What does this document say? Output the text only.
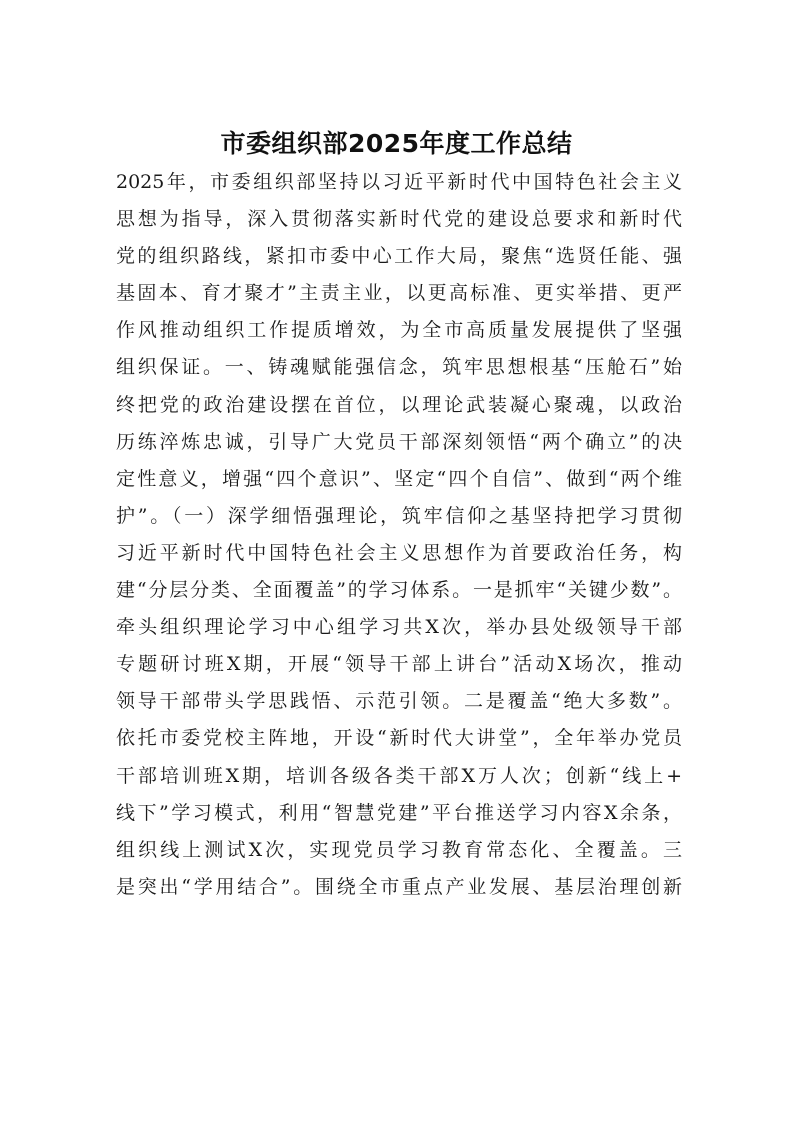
市委组织部2025年度工作总结
2025年，市委组织部坚持以习近平新时代中国特色社会主义
思想为指导，深入贯彻落实新时代党的建设总要求和新时代
党的组织路线，紧扣市委中心工作大局，聚焦“选贤任能、强
基固本、育才聚才”主责主业，以更高标准、更实举措、更严
作风推动组织工作提质增效，为全市高质量发展提供了坚强
组织保证。一、铸魂赋能强信念，筑牢思想根基“压舱石”始
终把党的政治建设摆在首位，以理论武装凝心聚魂，以政治
历练淬炼忠诚，引导广大党员干部深刻领悟“两个确立”的决
定性意义，增强“四个意识”、坚定“四个自信”、做到“两个维
护”。（一）深学细悟强理论，筑牢信仰之基坚持把学习贯彻
习近平新时代中国特色社会主义思想作为首要政治任务，构
建“分层分类、全面覆盖”的学习体系。一是抓牢“关键少数”。
牵头组织理论学习中心组学习共X次，举办县处级领导干部
专题研讨班X期，开展“领导干部上讲台”活动X场次，推动
领导干部带头学思践悟、示范引领。二是覆盖“绝大多数”。
依托市委党校主阵地，开设“新时代大讲堂”，全年举办党员
干部培训班X期，培训各级各类干部X万人次；创新“线上+
线下”学习模式，利用“智慧党建”平台推送学习内容X余条，
组织线上测试X次，实现党员学习教育常态化、全覆盖。三
是突出“学用结合”。围绕全市重点产业发展、基层治理创新
